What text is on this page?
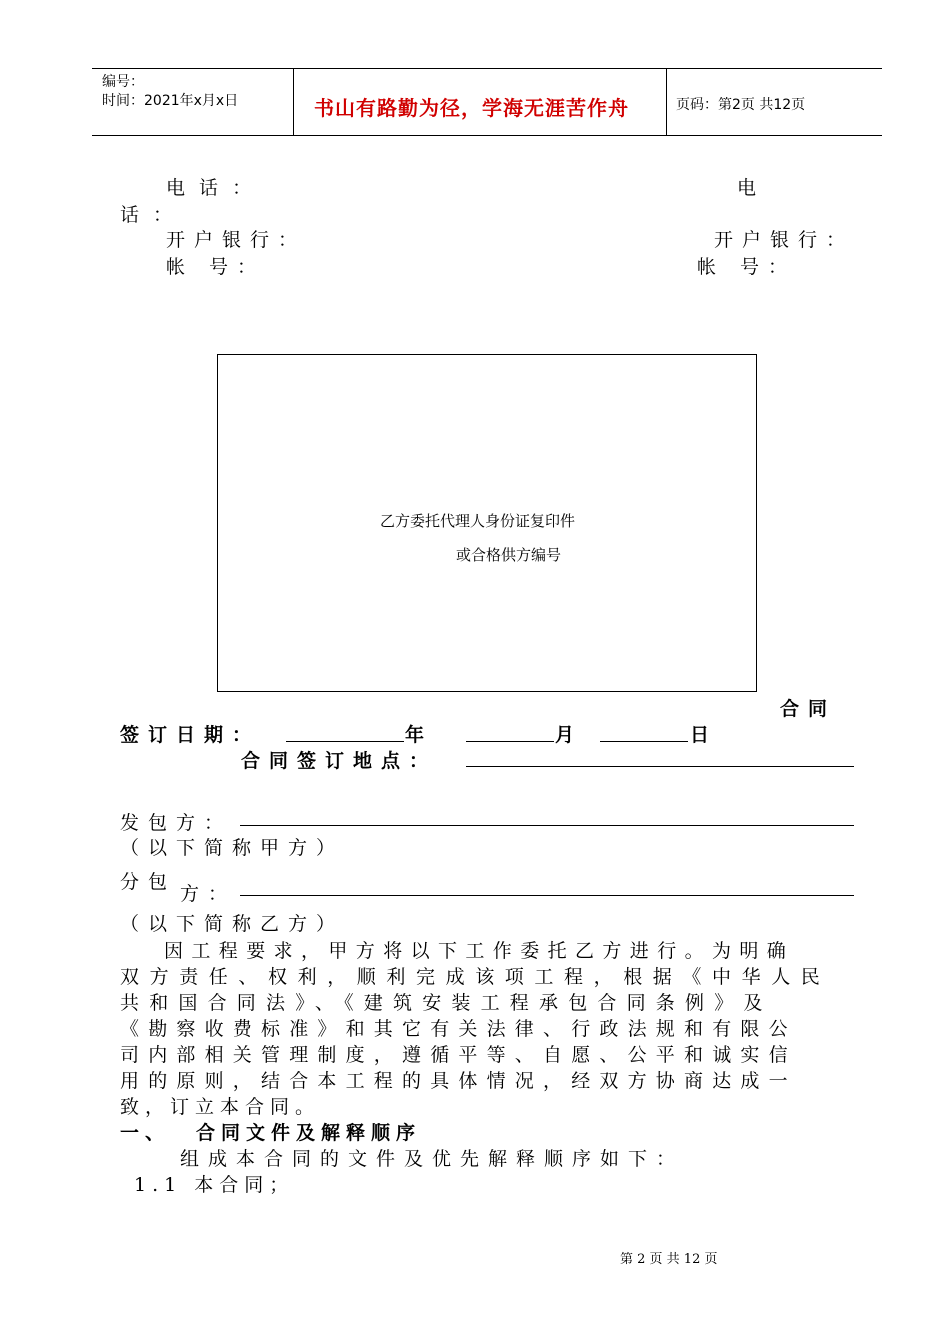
编号：
时间：2021年x月x日	书山有路勤为径，学海无涯苦作舟	页码：第2页 共12页
电 话 ：	电
话 ：
开户银行：	开户银行：
帐 号：	帐 号：
乙方委托代理人身份证复印件
或合格供方编号
合同
签订日期：	年	月	日
合同签订地点：
发包方：
（以下简称甲方）
分包
方：
（以下简称乙方）
因工程要求，甲方将以下工作委托乙方进行。为明确
双方责任、权利，顺利完成该项工程，根据《中华人民
共和国合同法》、《建筑安装工程承包合同条例》及
《勘察收费标准》和其它有关法律、行政法规和有限公
司内部相关管理制度，遵循平等、自愿、公平和诚实信
用的原则，结合本工程的具体情况，经双方协商达成一
致，订立本合同。
一、 合同文件及解释顺序
组成本合同的文件及优先解释顺序如下：
1.1 本合同；
第 2 页 共 12 页
